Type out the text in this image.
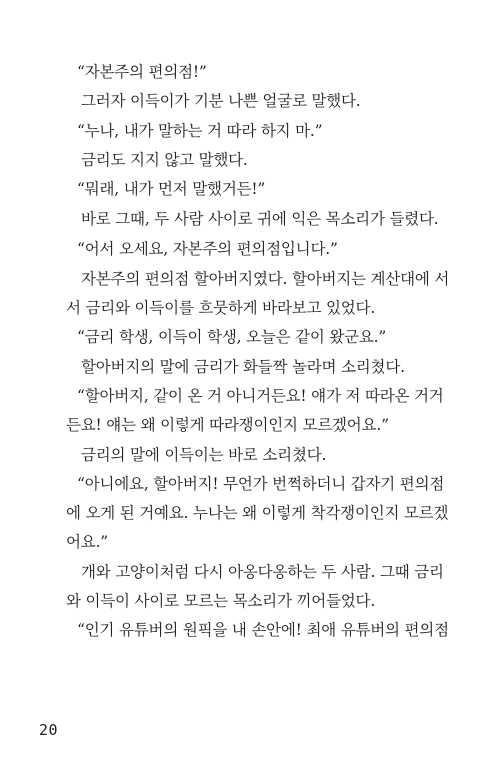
“자본주의 편의점!”
그러자 이득이가 기분 나쁜 얼굴로 말했다.
“누나, 내가 말하는 거 따라 하지 마.”
금리도 지지 않고 말했다.
“뭐래, 내가 먼저 말했거든!”
바로 그때, 두 사람 사이로 귀에 익은 목소리가 들렸다.
“어서 오세요, 자본주의 편의점입니다.”
자본주의 편의점 할아버지였다. 할아버지는 계산대에 서
서 금리와 이득이를 흐뭇하게 바라보고 있었다.
“금리 학생, 이득이 학생, 오늘은 같이 왔군요.”
할아버지의 말에 금리가 화들짝 놀라며 소리쳤다.
“할아버지, 같이 온 거 아니거든요! 얘가 저 따라온 거거
든요! 얘는 왜 이렇게 따라쟁이인지 모르겠어요.”
금리의 말에 이득이는 바로 소리쳤다.
“아니에요, 할아버지! 무언가 번쩍하더니 갑자기 편의점
에 오게 된 거예요. 누나는 왜 이렇게 착각쟁이인지 모르겠
어요.”
개와 고양이처럼 다시 아옹다옹하는 두 사람. 그때 금리
와 이득이 사이로 모르는 목소리가 끼어들었다.
“인기 유튜버의 원픽을 내 손안에! 최애 유튜버의 편의점
20
